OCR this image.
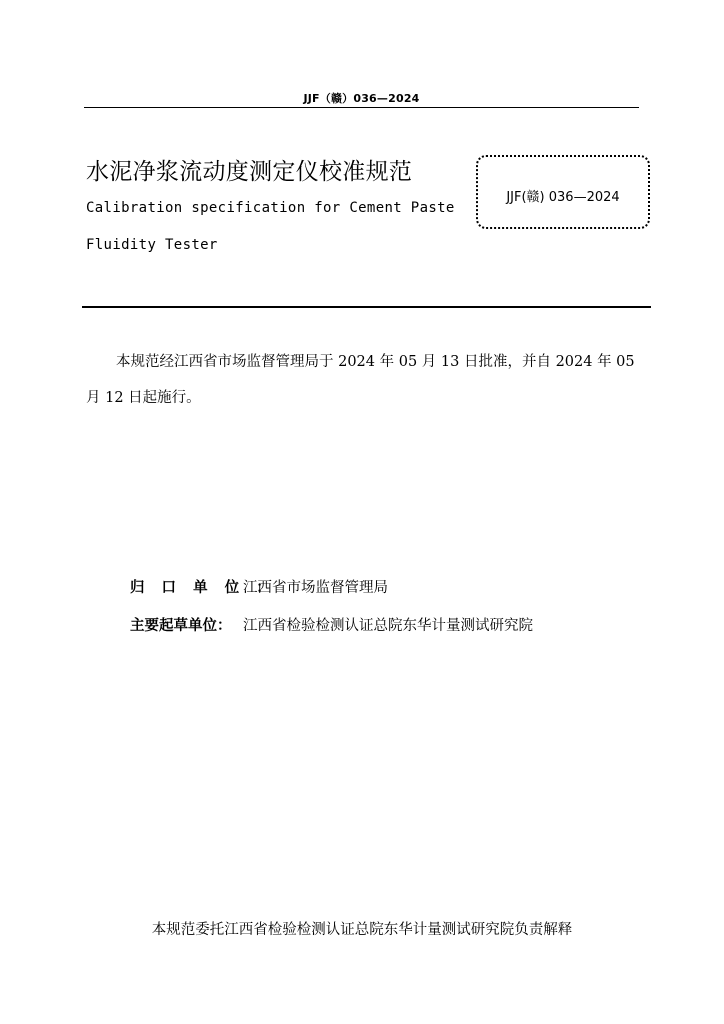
JJF（赣）036—2024
水泥净浆流动度测定仪校准规范
Calibration specification for Cement Paste
Fluidity Tester
JJF(赣) 036—2024

本规范经江西省市场监督管理局于 2024 年 05 月 13 日批准，并自 2024 年 05 月 12 日起施行。

归 口 单 位 ：江西省市场监督管理局
主要起草单位： 江西省检验检测认证总院东华计量测试研究院
本规范委托江西省检验检测认证总院东华计量测试研究院负责解释
